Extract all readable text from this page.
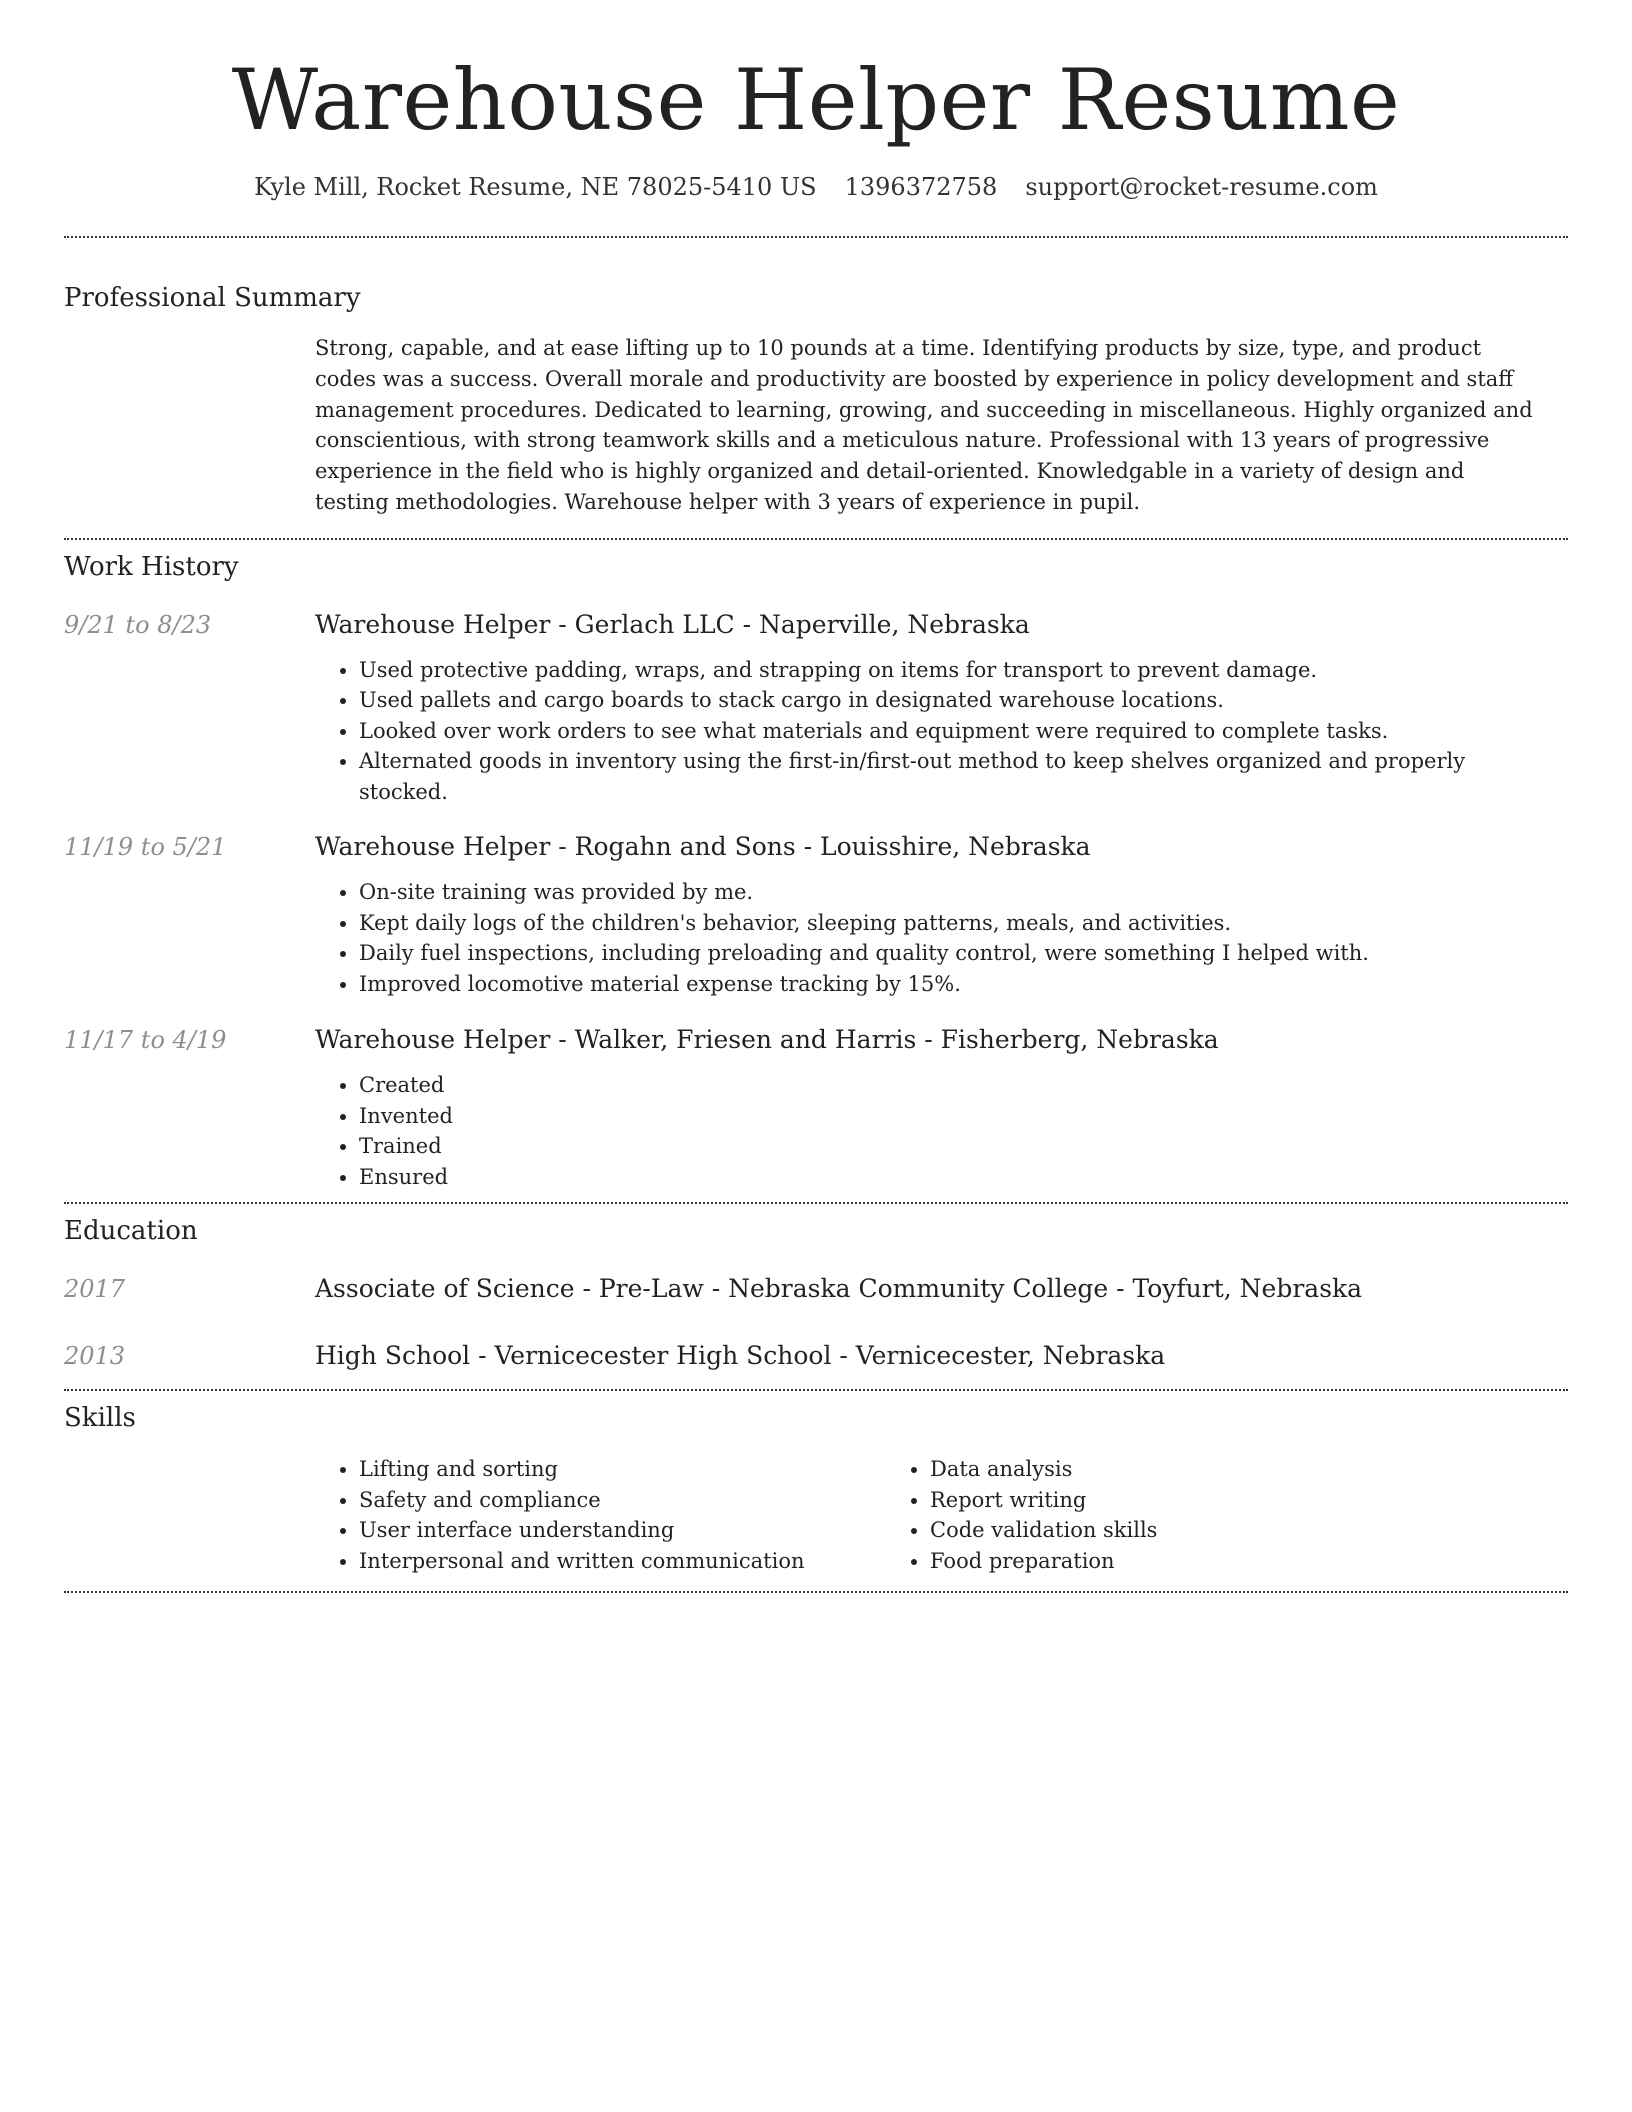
Warehouse Helper Resume
Kyle Mill, Rocket Resume, NE 78025-5410 US 1396372758 support@rocket-resume.com
Professional Summary

Strong, capable, and at ease lifting up to 10 pounds at a time. Identifying products by size, type, and product codes was a success. Overall morale and productivity are boosted by experience in policy development and staff management procedures. Dedicated to learning, growing, and succeeding in miscellaneous. Highly organized and conscientious, with strong teamwork skills and a meticulous nature. Professional with 13 years of progressive experience in the field who is highly organized and detail-oriented. Knowledgable in a variety of design and testing methodologies. Warehouse helper with 3 years of experience in pupil.

Work History
9/21 to 8/23	Warehouse Helper - Gerlach LLC - Naperville, Nebraska
• Used protective padding, wraps, and strapping on items for transport to prevent damage.
• Used pallets and cargo boards to stack cargo in designated warehouse locations.
• Looked over work orders to see what materials and equipment were required to complete tasks.
• Alternated goods in inventory using the first-in/first-out method to keep shelves organized and properly stocked.
11/19 to 5/21	Warehouse Helper - Rogahn and Sons - Louisshire, Nebraska
• On-site training was provided by me.
• Kept daily logs of the children's behavior, sleeping patterns, meals, and activities.
• Daily fuel inspections, including preloading and quality control, were something I helped with.
• Improved locomotive material expense tracking by 15%.
11/17 to 4/19	Warehouse Helper - Walker, Friesen and Harris - Fisherberg, Nebraska
• Created
• Invented
• Trained
• Ensured
Education
2017	Associate of Science - Pre-Law - Nebraska Community College - Toyfurt, Nebraska
2013	High School - Vernicecester High School - Vernicecester, Nebraska
Skills
• Lifting and sorting
• Safety and compliance
• User interface understanding
• Interpersonal and written communication
• Data analysis
• Report writing
• Code validation skills
• Food preparation
